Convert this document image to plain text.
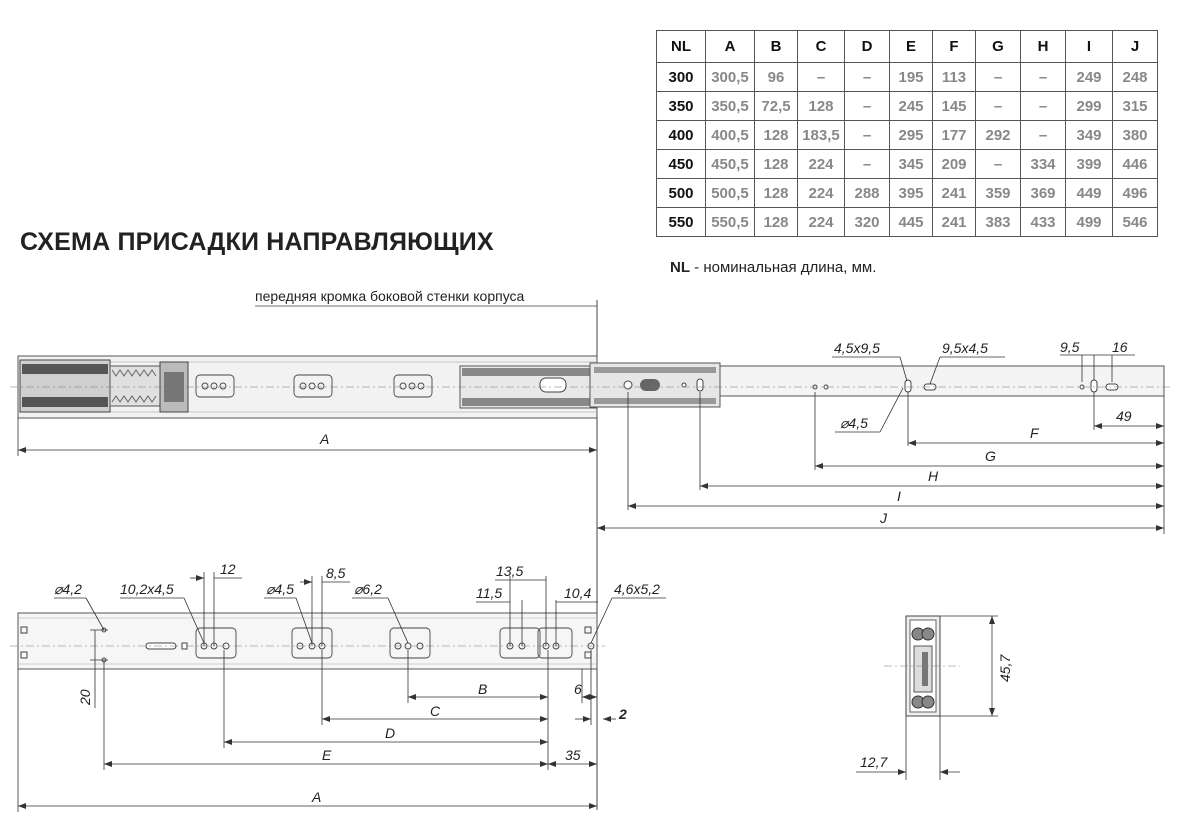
СХЕМА ПРИСАДКИ НАПРАВЛЯЮЩИХ
NL	A	B	C	D	E	F	G	H	I	J
300	300,5	96	–	–	195	113	–	–	249	248
350	350,5	72,5	128	–	245	145	–	–	299	315
400	400,5	128	183,5	–	295	177	292	–	349	380
450	450,5	128	224	–	345	209	–	334	399	446
500	500,5	128	224	288	395	241	359	369	449	496
550	550,5	128	224	320	445	241	383	433	499	546
NL - номинальная длина, мм.
передняя кромка боковой стенки корпуса
A	F
G
H
I
J
49
9,5 16
4,5x9,5	9,5x4,5
⌀4,5
A
E
D
C
B
35
6
2
20
⌀4,2	10,2x4,5
12
⌀4,5
8,5
⌀6,2
13,5
11,5	10,4 4,6x5,2
45,7
12,7
